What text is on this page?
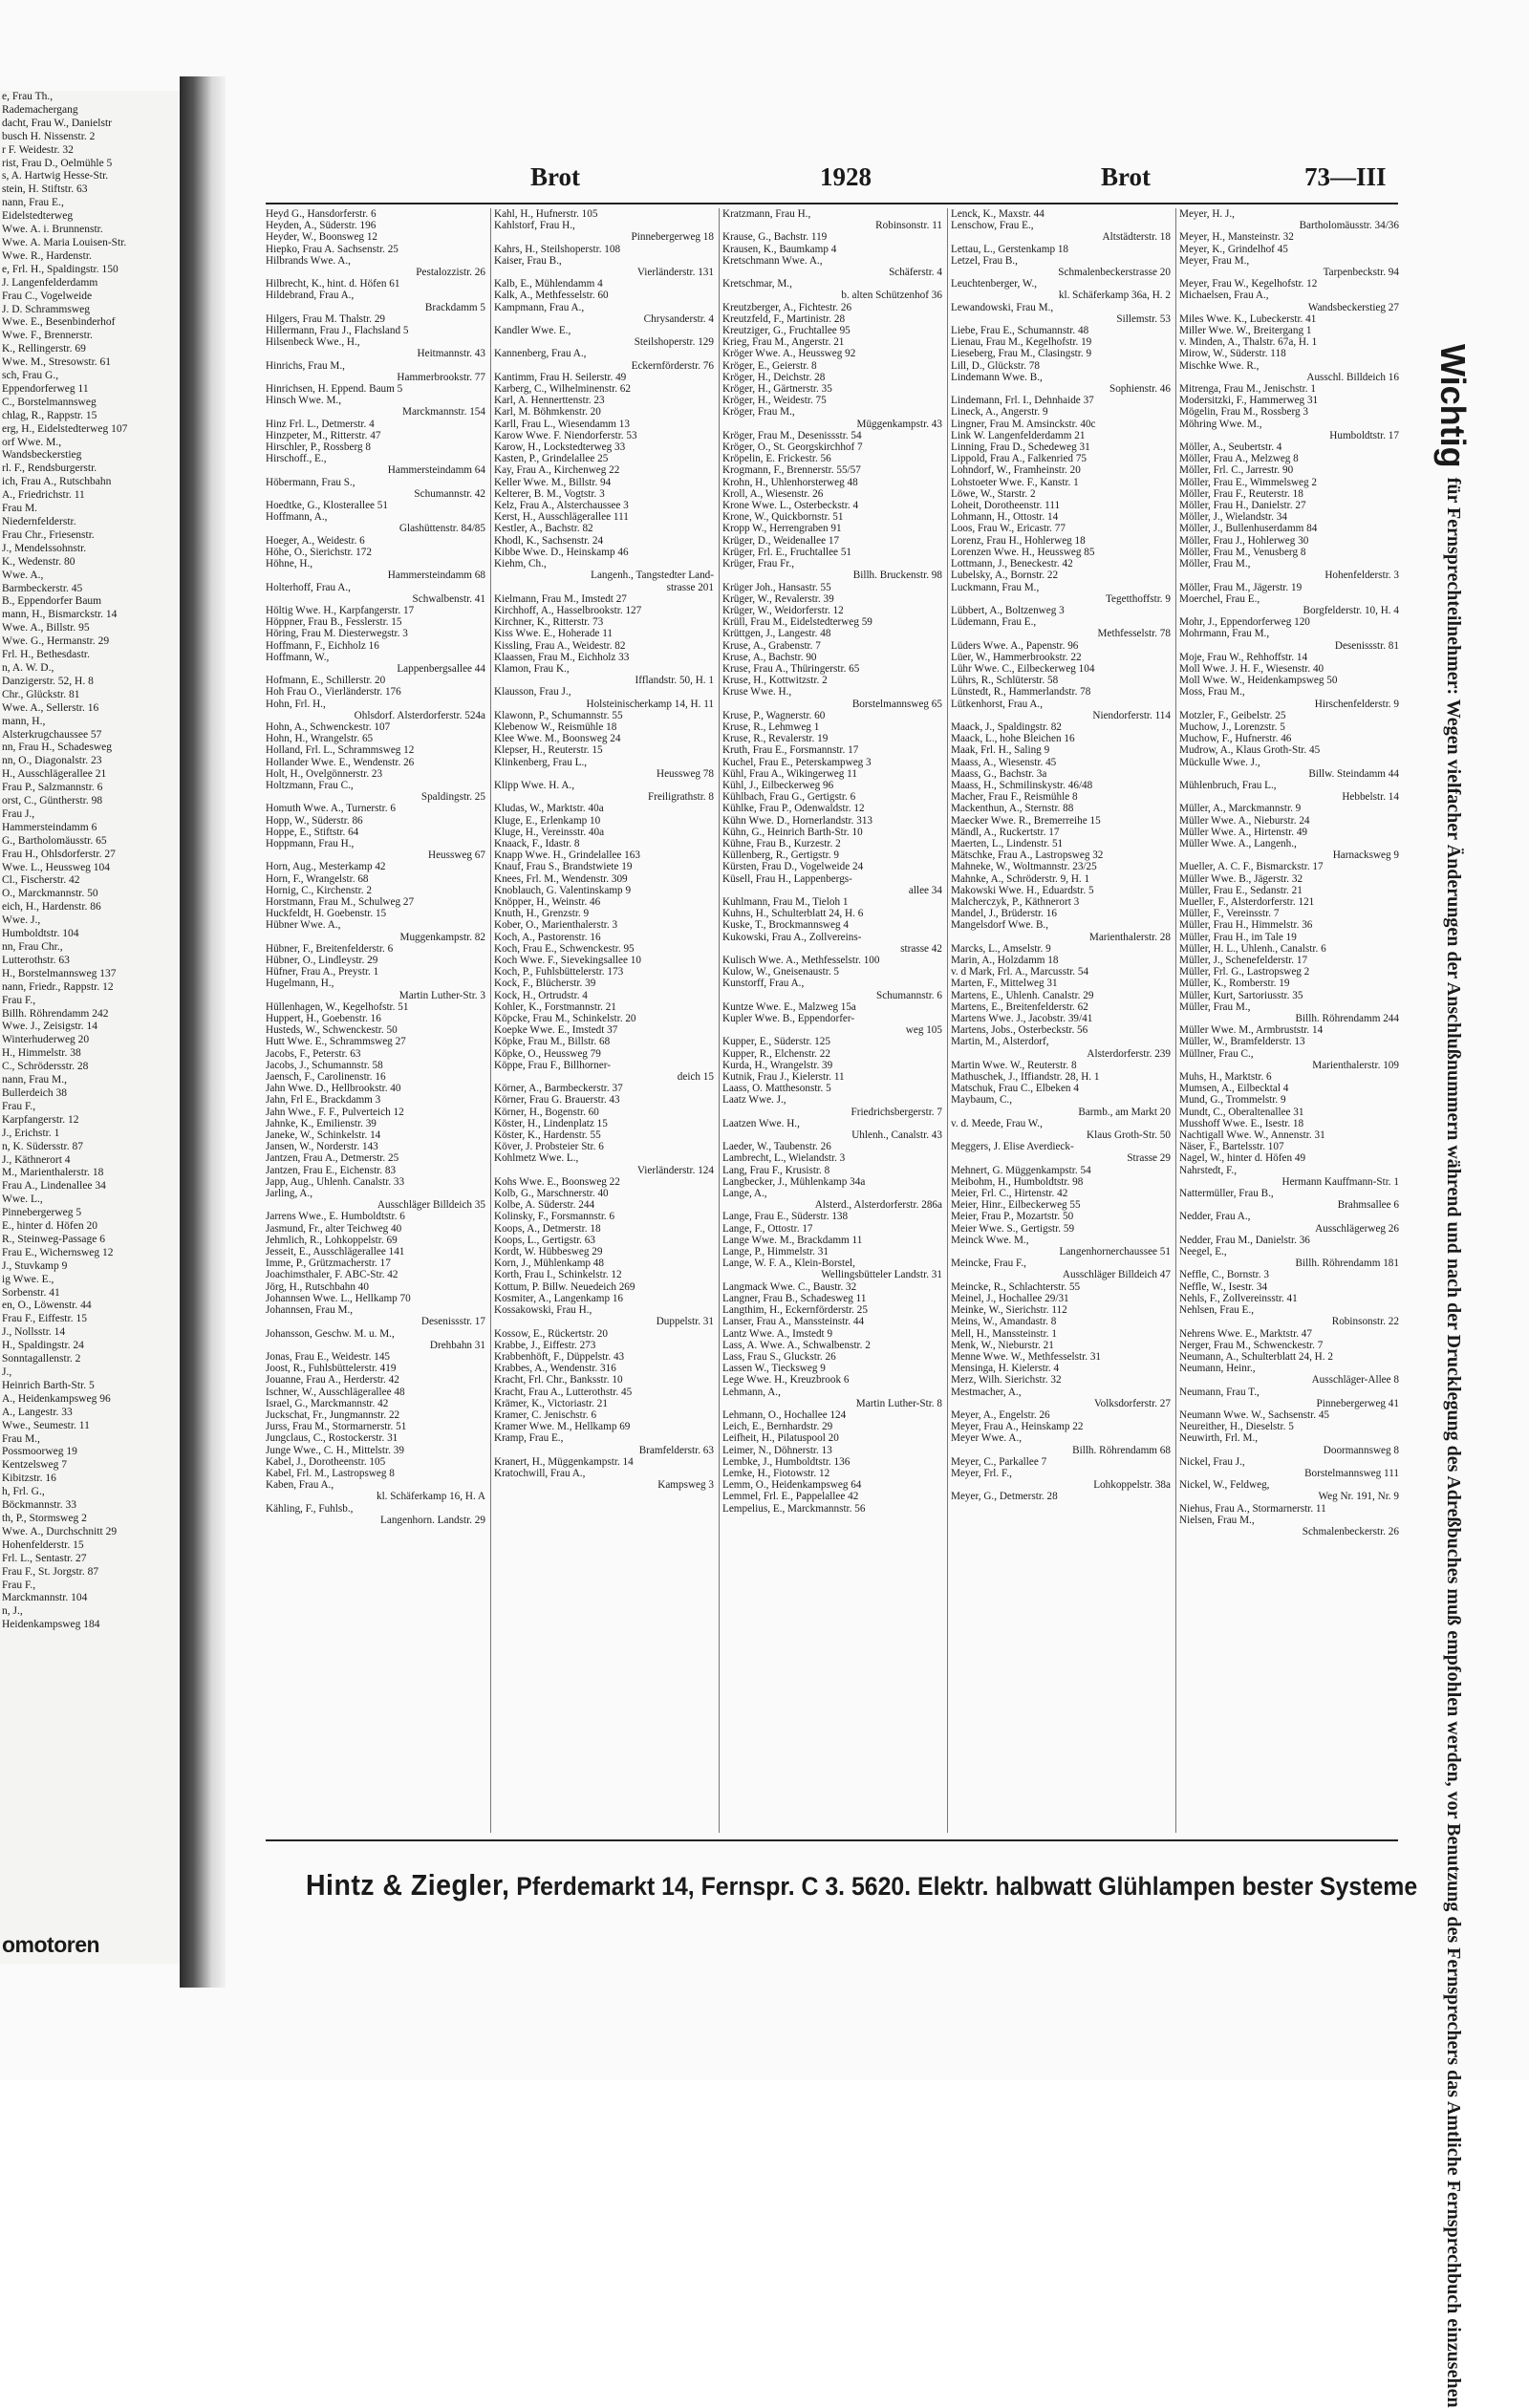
e, Frau Th.,
Rademachergang
dacht, Frau W., Danielstr
busch H. Nissenstr. 2
r F. Weidestr. 32
rist, Frau D., Oelmühle 5
s, A. Hartwig Hesse-Str.
stein, H. Stiftstr. 63
nann, Frau E.,
Eidelstedterweg
Wwe. A. i. Brunnenstr.
Wwe. A. Maria Louisen-Str.
Wwe. R., Hardenstr.
e, Frl. H., Spaldingstr. 150
J. Langenfelderdamm
Frau C., Vogelweide
J. D. Schrammsweg
Wwe. E., Besenbinderhof
Wwe. F., Brennerstr.
K., Rellingerstr. 69
Wwe. M., Stresowstr. 61
sch, Frau G.,
Eppendorferweg 11
C., Borstelmannsweg
chlag, R., Rappstr. 15
erg, H., Eidelstedterweg 107
orf Wwe. M.,
Wandsbeckerstieg
rl. F., Rendsburgerstr.
ich, Frau A., Rutschbahn
A., Friedrichstr. 11
Frau M.
Niedernfelderstr.
Frau Chr., Friesenstr.
J., Mendelssohnstr.
K., Wedenstr. 80
Wwe. A.,
Barmbeckerstr. 45
B., Eppendorfer Baum
mann, H., Bismarckstr. 14
Wwe. A., Billstr. 95
Wwe. G., Hermanstr. 29
Frl. H., Bethesdastr.
n, A. W. D.,
Danzigerstr. 52, H. 8
Chr., Glückstr. 81
Wwe. A., Sellerstr. 16
mann, H.,
Alsterkrugchaussee 57
nn, Frau H., Schadesweg
nn, O., Diagonalstr. 23
H., Ausschlägerallee 21
Frau P., Salzmannstr. 6
orst, C., Güntherstr. 98
Frau J.,
Hammersteindamm 6
G., Bartholomäusstr. 65
Frau H., Ohlsdorferstr. 27
Wwe. L., Heussweg 104
Cl., Fischerstr. 42
O., Marckmannstr. 50
eich, H., Hardenstr. 86
Wwe. J.,
Humboldtstr. 104
nn, Frau Chr.,
Lutterothstr. 63
H., Borstelmannsweg 137
nann, Friedr., Rappstr. 12
Frau F.,
Billh. Röhrendamm 242
Wwe. J., Zeisigstr. 14
Winterhuderweg 20
H., Himmelstr. 38
C., Schrödersstr. 28
nann, Frau M.,
Bullerdeich 38
Frau F.,
Karpfangerstr. 12
J., Erichstr. 1
n, K. Südersstr. 87
J., Käthnerort 4
M., Marienthalerstr. 18
Frau A., Lindenallee 34
Wwe. L.,
Pinnebergerweg 5
E., hinter d. Höfen 20
R., Steinweg-Passage 6
Frau E., Wichernsweg 12
J., Stuvkamp 9
ig Wwe. E.,
Sorbenstr. 41
en, O., Löwenstr. 44
Frau F., Eiffestr. 15
J., Nollsstr. 14
H., Spaldingstr. 24
Sonntagallenstr. 2
J.,
Heinrich Barth-Str. 5
A., Heidenkampsweg 96
A., Langestr. 33
Wwe., Seumestr. 11
Frau M.,
Possmoorweg 19
Kentzelsweg 7
Kibitzstr. 16
h, Frl. G.,
Böckmannstr. 33
th, P., Stormsweg 2
Wwe. A., Durchschnitt 29
Hohenfelderstr. 15
Frl. L., Sentastr. 27
Frau F., St. Jorgstr. 87
Frau F.,
Marckmannstr. 104
n, J.,
Heidenkampsweg 184
omotoren
Brot	1928	Brot	73—III
Heyd G., Hansdorferstr. 6
Heyden, A., Süderstr. 196
Heyder, W., Boonsweg 12
Hiepko, Frau A. Sachsenstr. 25
Hilbrands Wwe. A.,
Pestalozzistr. 26
Hilbrecht, K., hint. d. Höfen 61
Hildebrand, Frau A.,
Brackdamm 5
Hilgers, Frau M. Thalstr. 29
Hillermann, Frau J., Flachsland 5
Hilsenbeck Wwe., H.,
Heitmannstr. 43
Hinrichs, Frau M.,
Hammerbrookstr. 77
Hinrichsen, H. Eppend. Baum 5
Hinsch Wwe. M.,
Marckmannstr. 154
Hinz Frl. L., Detmerstr. 4
Hinzpeter, M., Ritterstr. 47
Hirschler, P., Rossberg 8
Hirschoff., E.,
Hammersteindamm 64
Höbermann, Frau S.,
Schumannstr. 42
Hoedtke, G., Klosterallee 51
Hoffmann, A.,
Glashüttenstr. 84/85
Hoeger, A., Weidestr. 6
Höhe, O., Sierichstr. 172
Höhne, H.,
Hammersteindamm 68
Holterhoff, Frau A.,
Schwalbenstr. 41
Höltig Wwe. H., Karpfangerstr. 17
Höppner, Frau B., Fesslerstr. 15
Höring, Frau M. Diesterwegstr. 3
Hoffmann, F., Eichholz 16
Hoffmann, W.,
Lappenbergsallee 44
Hofmann, E., Schillerstr. 20
Hoh Frau O., Vierländerstr. 176
Hohn, Frl. H.,
Ohlsdorf. Alsterdorferstr. 524a
Hohn, A., Schwenckestr. 107
Hohn, H., Wrangelstr. 65
Holland, Frl. L., Schrammsweg 12
Hollander Wwe. E., Wendenstr. 26
Holt, H., Ovelgönnerstr. 23
Holtzmann, Frau C.,
Spaldingstr. 25
Homuth Wwe. A., Turnerstr. 6
Hopp, W., Süderstr. 86
Hoppe, E., Stiftstr. 64
Hoppmann, Frau H.,
Heussweg 67
Horn, Aug., Mesterkamp 42
Horn, F., Wrangelstr. 68
Hornig, C., Kirchenstr. 2
Horstmann, Frau M., Schulweg 27
Huckfeldt, H. Goebenstr. 15
Hübner Wwe. A.,
Muggenkampstr. 82
Hübner, F., Breitenfelderstr. 6
Hübner, O., Lindleystr. 29
Hüfner, Frau A., Preystr. 1
Hugelmann, H.,
Martin Luther-Str. 3
Hüllenhagen, W., Kegelhofstr. 51
Huppert, H., Goebenstr. 16
Husteds, W., Schwenckestr. 50
Hutt Wwe. E., Schrammsweg 27
Jacobs, F., Peterstr. 63
Jacobs, J., Schumannstr. 58
Jaensch, F., Carolinenstr. 16
Jahn Wwe. D., Hellbrookstr. 40
Jahn, Frl E., Brackdamm 3
Jahn Wwe., F. F., Pulverteich 12
Jahnke, K., Emilienstr. 39
Janeke, W., Schinkelstr. 14
Jansen, W., Norderstr. 143
Jantzen, Frau A., Detmerstr. 25
Jantzen, Frau E., Eichenstr. 83
Japp, Aug., Uhlenh. Canalstr. 33
Jarling, A.,
Ausschläger Billdeich 35
Jarrens Wwe., E. Humboldtstr. 6
Jasmund, Fr., alter Teichweg 40
Jehmlich, R., Lohkoppelstr. 69
Jesseit, E., Ausschlägerallee 141
Imme, P., Grützmacherstr. 17
Joachimsthaler, F. ABC-Str. 42
Jörg, H., Rutschbahn 40
Johannsen Wwe. L., Hellkamp 70
Johannsen, Frau M.,
Desenissstr. 17
Johansson, Geschw. M. u. M.,
Drehbahn 31
Jonas, Frau E., Weidestr. 145
Joost, R., Fuhlsbüttelerstr. 419
Jouanne, Frau A., Herderstr. 42
Ischner, W., Ausschlägerallee 48
Israel, G., Marckmannstr. 42
Juckschat, Fr., Jungmannstr. 22
Jurss, Frau M., Stormarnerstr. 51
Jungclaus, C., Rostockerstr. 31
Junge Wwe., C. H., Mittelstr. 39
Kabel, J., Dorotheenstr. 105
Kabel, Frl. M., Lastropsweg 8
Kaben, Frau A.,
kl. Schäferkamp 16, H. A
Kähling, F., Fuhlsb.,
Langenhorn. Landstr. 29
Kahl, H., Hufnerstr. 105
Kahlstorf, Frau H.,
Pinnebergerweg 18
Kahrs, H., Steilshoperstr. 108
Kaiser, Frau B.,
Vierländerstr. 131
Kalb, E., Mühlendamm 4
Kalk, A., Methfesselstr. 60
Kampmann, Frau A.,
Chrysanderstr. 4
Kandler Wwe. E.,
Steilshoperstr. 129
Kannenberg, Frau A.,
Eckernförderstr. 76
Kantimm, Frau H. Seilerstr. 49
Karberg, C., Wilhelminenstr. 62
Karl, A. Hennerttenstr. 23
Karl, M. Böhmkenstr. 20
Karll, Frau L., Wiesendamm 13
Karow Wwe. F. Niendorferstr. 53
Karow, H., Lockstedterweg 33
Kasten, P., Grindelallee 25
Kay, Frau A., Kirchenweg 22
Keller Wwe. M., Billstr. 94
Kelterer, B. M., Vogtstr. 3
Kelz, Frau A., Alsterchaussee 3
Kerst, H., Ausschlägerallee 111
Kestler, A., Bachstr. 82
Khodl, K., Sachsenstr. 24
Kibbe Wwe. D., Heinskamp 46
Kiehm, Ch.,
Langenh., Tangstedter Land-
strasse 201
Kielmann, Frau M., Imstedt 27
Kirchhoff, A., Hasselbrookstr. 127
Kirchner, K., Ritterstr. 73
Kiss Wwe. E., Hoherade 11
Kissling, Frau A., Weidestr. 82
Klaassen, Frau M., Eichholz 33
Klamon, Frau K.,
Ifflandstr. 50, H. 1
Klausson, Frau J.,
Holsteinischerkamp 14, H. 11
Klawonn, P., Schumannstr. 55
Klebenow W., Reismühle 18
Klee Wwe. M., Boonsweg 24
Klepser, H., Reuterstr. 15
Klinkenberg, Frau L.,
Heussweg 78
Klipp Wwe. H. A.,
Freiligrathstr. 8
Kludas, W., Marktstr. 40a
Kluge, E., Erlenkamp 10
Kluge, H., Vereinsstr. 40a
Knaack, F., Idastr. 8
Knapp Wwe. H., Grindelallee 163
Knauf, Frau S., Brandstwiete 19
Knees, Frl. M., Wendenstr. 309
Knoblauch, G. Valentinskamp 9
Knöpper, H., Weinstr. 46
Knuth, H., Grenzstr. 9
Kober, O., Marienthalerstr. 3
Koch, A., Pastorenstr. 16
Koch, Frau E., Schwenckestr. 95
Koch Wwe. F., Sievekingsallee 10
Koch, P., Fuhlsbüttelerstr. 173
Kock, F., Blücherstr. 39
Kock, H., Ortrudstr. 4
Kohler, K., Forstmannstr. 21
Köpcke, Frau M., Schinkelstr. 20
Koepke Wwe. E., Imstedt 37
Köpke, Frau M., Billstr. 68
Köpke, O., Heussweg 79
Köppe, Frau F., Billhorner-
deich 15
Körner, A., Barmbeckerstr. 37
Körner, Frau G. Brauerstr. 43
Körner, H., Bogenstr. 60
Köster, H., Lindenplatz 15
Köster, K., Hardenstr. 55
Köver, J. Probsteier Str. 6
Kohlmetz Wwe. L.,
Vierländerstr. 124
Kohs Wwe. E., Boonsweg 22
Kolb, G., Marschnerstr. 40
Kolbe, A. Süderstr. 244
Kolinsky, F., Forsmannstr. 6
Koops, A., Detmerstr. 18
Koops, L., Gertigstr. 63
Kordt, W. Hübbesweg 29
Korn, J., Mühlenkamp 48
Korth, Frau I., Schinkelstr. 12
Kottum, P. Billw. Neuedeich 269
Kosmiter, A., Langenkamp 16
Kossakowski, Frau H.,
Duppelstr. 31
Kossow, E., Rückertstr. 20
Krabbe, J., Eiffestr. 273
Krabbenhöft, F., Düppelstr. 43
Krabbes, A., Wendenstr. 316
Kracht, Frl. Chr., Banksstr. 10
Kracht, Frau A., Lutterothstr. 45
Krämer, K., Victoriastr. 21
Kramer, C. Jenischstr. 6
Kramer Wwe. M., Hellkamp 69
Kramp, Frau E.,
Bramfelderstr. 63
Kranert, H., Müggenkampstr. 14
Kratochwill, Frau A.,
Kampsweg 3
Kratzmann, Frau H.,
Robinsonstr. 11
Krause, G., Bachstr. 119
Krausen, K., Baumkamp 4
Kretschmann Wwe. A.,
Schäferstr. 4
Kretschmar, M.,
b. alten Schützenhof 36
Kreutzberger, A., Fichtestr. 26
Kreutzfeld, F., Martinistr. 28
Kreutziger, G., Fruchtallee 95
Krieg, Frau M., Angerstr. 21
Kröger Wwe. A., Heussweg 92
Kröger, E., Geierstr. 8
Kröger, H., Deichstr. 28
Kröger, H., Gärtnerstr. 35
Kröger, H., Weidestr. 75
Kröger, Frau M.,
Müggenkampstr. 43
Kröger, Frau M., Desenissstr. 54
Kröger, O., St. Georgskirchhof 7
Kröpelin, E. Frickestr. 56
Krogmann, F., Brennerstr. 55/57
Krohn, H., Uhlenhorsterweg 48
Kroll, A., Wiesenstr. 26
Krone Wwe. L., Osterbeckstr. 4
Krone, W., Quickbornstr. 51
Kropp W., Herrengraben 91
Krüger, D., Weidenallee 17
Krüger, Frl. E., Fruchtallee 51
Krüger, Frau Fr.,
Billh. Bruckenstr. 98
Krüger Joh., Hansastr. 55
Krüger, W., Revalerstr. 39
Krüger, W., Weidorferstr. 12
Krüll, Frau M., Eidelstedterweg 59
Krüttgen, J., Langestr. 48
Kruse, A., Grabenstr. 7
Kruse, A., Bachstr. 90
Kruse, Frau A., Thüringerstr. 65
Kruse, H., Kottwitzstr. 2
Kruse Wwe. H.,
Borstelmannsweg 65
Kruse, P., Wagnerstr. 60
Kruse, R., Lehmweg 1
Kruse, R., Revalerstr. 19
Kruth, Frau E., Forsmannstr. 17
Kuchel, Frau E., Peterskampweg 3
Kühl, Frau A., Wikingerweg 11
Kühl, J., Eilbeckerweg 96
Kühlbach, Frau G., Gertigstr. 6
Kühlke, Frau P., Odenwaldstr. 12
Kühn Wwe. D., Hornerlandstr. 313
Kühn, G., Heinrich Barth-Str. 10
Kühne, Frau B., Kurzestr. 2
Küllenberg, R., Gertigstr. 9
Kürsten, Frau D., Vogelweide 24
Küsell, Frau H., Lappenbergs-
allee 34
Kuhlmann, Frau M., Tieloh 1
Kuhns, H., Schulterblatt 24, H. 6
Kuske, T., Brockmannsweg 4
Kukowski, Frau A., Zollvereins-
strasse 42
Kulisch Wwe. A., Methfesselstr. 100
Kulow, W., Gneisenaustr. 5
Kunstorff, Frau A.,
Schumannstr. 6
Kuntze Wwe. E., Malzweg 15a
Kupler Wwe. B., Eppendorfer-
weg 105
Kupper, E., Süderstr. 125
Kupper, R., Elchenstr. 22
Kurda, H., Wrangelstr. 39
Kutnik, Frau J., Kielerstr. 11
Laass, O. Matthesonstr. 5
Laatz Wwe. J.,
Friedrichsbergerstr. 7
Laatzen Wwe. H.,
Uhlenh., Canalstr. 43
Laeder, W., Taubenstr. 26
Lambrecht, L., Wielandstr. 3
Lang, Frau F., Krusistr. 8
Langbecker, J., Mühlenkamp 34a
Lange, A.,
Alsterd., Alsterdorferstr. 286a
Lange, Frau E., Süderstr. 138
Lange, F., Ottostr. 17
Lange Wwe. M., Brackdamm 11
Lange, P., Himmelstr. 31
Lange, W. F. A., Klein-Borstel,
Wellingsbütteler Landstr. 31
Langmack Wwe. C., Baustr. 32
Langner, Frau B., Schadesweg 11
Langthim, H., Eckernförderstr. 25
Lanser, Frau A., Manssteinstr. 44
Lantz Wwe. A., Imstedt 9
Lass, A. Wwe. A., Schwalbenstr. 2
Lass, Frau S., Gluckstr. 26
Lassen W., Tiecksweg 9
Lege Wwe. H., Kreuzbrook 6
Lehmann, A.,
Martin Luther-Str. 8
Lehmann, O., Hochallee 124
Leich, E., Bernhardstr. 29
Leifheit, H., Pilatuspool 20
Leimer, N., Döhnerstr. 13
Lembke, J., Humboldtstr. 136
Lemke, H., Fiotowstr. 12
Lemm, O., Heidenkampsweg 64
Lemmel, Frl. E., Pappelallee 42
Lempelius, E., Marckmannstr. 56
Lenck, K., Maxstr. 44
Lenschow, Frau E.,
Altstädterstr. 18
Lettau, L., Gerstenkamp 18
Letzel, Frau B.,
Schmalenbeckerstrasse 20
Leuchtenberger, W.,
kl. Schäferkamp 36a, H. 2
Lewandowski, Frau M.,
Sillemstr. 53
Liebe, Frau E., Schumannstr. 48
Lienau, Frau M., Kegelhofstr. 19
Lieseberg, Frau M., Clasingstr. 9
Lill, D., Glückstr. 78
Lindemann Wwe. B.,
Sophienstr. 46
Lindemann, Frl. I., Dehnhaide 37
Lineck, A., Angerstr. 9
Lingner, Frau M. Amsinckstr. 40c
Link W. Langenfelderdamm 21
Linning, Frau D., Schedeweg 31
Lippold, Frau A., Falkenried 75
Lohndorf, W., Framheinstr. 20
Lohstoeter Wwe. F., Kanstr. 1
Löwe, W., Starstr. 2
Loheit, Dorotheenstr. 111
Lohmann, H., Ottostr. 14
Loos, Frau W., Ericastr. 77
Lorenz, Frau H., Hohlerweg 18
Lorenzen Wwe. H., Heussweg 85
Lottmann, J., Beneckestr. 42
Lubelsky, A., Bornstr. 22
Luckmann, Frau M.,
Tegetthoffstr. 9
Lübbert, A., Boltzenweg 3
Lüdemann, Frau E.,
Methfesselstr. 78
Lüders Wwe. A., Papenstr. 96
Lüer, W., Hammerbrookstr. 22
Lühr Wwe. C., Eilbeckerweg 104
Lührs, R., Schlüterstr. 58
Lünstedt, R., Hammerlandstr. 78
Lütkenhorst, Frau A.,
Niendorferstr. 114
Maack, J., Spaldingstr. 82
Maack, L., hohe Bleichen 16
Maak, Frl. H., Saling 9
Maass, A., Wiesenstr. 45
Maass, G., Bachstr. 3a
Maass, H., Schmilinskystr. 46/48
Macher, Frau F., Reismühle 8
Mackenthun, A., Sternstr. 88
Maecker Wwe. R., Bremerreihe 15
Mändl, A., Ruckertstr. 17
Maerten, L., Lindenstr. 51
Mätschke, Frau A., Lastropsweg 32
Mahneke, W., Woltmannstr. 23/25
Mahnke, A., Schröderstr. 9, H. 1
Makowski Wwe. H., Eduardstr. 5
Malcherczyk, P., Käthnerort 3
Mandel, J., Brüderstr. 16
Mangelsdorf Wwe. B.,
Marienthalerstr. 28
Marcks, L., Amselstr. 9
Marin, A., Holzdamm 18
v. d Mark, Frl. A., Marcusstr. 54
Marten, F., Mittelweg 31
Martens, E., Uhlenh. Canalstr. 29
Martens, E., Breitenfelderstr. 62
Martens Wwe. J., Jacobstr. 39/41
Martens, Jobs., Osterbeckstr. 56
Martin, M., Alsterdorf,
Alsterdorferstr. 239
Martin Wwe. W., Reuterstr. 8
Mathuschek, J., Iffiandstr. 28, H. 1
Matschuk, Frau C., Elbeken 4
Maybaum, C.,
Barmb., am Markt 20
v. d. Meede, Frau W.,
Klaus Groth-Str. 50
Meggers, J. Elise Averdieck-
Strasse 29
Mehnert, G. Müggenkampstr. 54
Meibohm, H., Humboldtstr. 98
Meier, Frl. C., Hirtenstr. 42
Meier, Hinr., Eilbeckerweg 55
Meier, Frau P., Mozartstr. 50
Meier Wwe. S., Gertigstr. 59
Meinck Wwe. M.,
Langenhornerchaussee 51
Meincke, Frau F.,
Ausschläger Billdeich 47
Meincke, R., Schlachterstr. 55
Meinel, J., Hochallee 29/31
Meinke, W., Sierichstr. 112
Meins, W., Amandastr. 8
Mell, H., Manssteinstr. 1
Menk, W., Nieburstr. 21
Menne Wwe. W., Methfesselstr. 31
Mensinga, H. Kielerstr. 4
Merz, Wilh. Sierichstr. 32
Mestmacher, A.,
Volksdorferstr. 27
Meyer, A., Engelstr. 26
Meyer, Frau A., Heinskamp 22
Meyer Wwe. A.,
Billh. Röhrendamm 68
Meyer, C., Parkallee 7
Meyer, Frl. F.,
Lohkoppelstr. 38a
Meyer, G., Detmerstr. 28
Meyer, H. J.,
Bartholomäusstr. 34/36
Meyer, H., Mansteinstr. 32
Meyer, K., Grindelhof 45
Meyer, Frau M.,
Tarpenbeckstr. 94
Meyer, Frau W., Kegelhofstr. 12
Michaelsen, Frau A.,
Wandsbeckerstieg 27
Miles Wwe. K., Lubeckerstr. 41
Miller Wwe. W., Breitergang 1
v. Minden, A., Thalstr. 67a, H. 1
Mirow, W., Süderstr. 118
Mischke Wwe. R.,
Ausschl. Billdeich 16
Mitrenga, Frau M., Jenischstr. 1
Modersitzki, F., Hammerweg 31
Mögelin, Frau M., Rossberg 3
Möhring Wwe. M.,
Humboldtstr. 17
Möller, A., Seubertstr. 4
Möller, Frau A., Melzweg 8
Möller, Frl. C., Jarrestr. 90
Möller, Frau E., Wimmelsweg 2
Möller, Frau F., Reuterstr. 18
Möller, Frau H., Danielstr. 27
Möller, J., Wielandstr. 34
Möller, J., Bullenhuserdamm 84
Möller, Frau J., Hohlerweg 30
Möller, Frau M., Venusberg 8
Möller, Frau M.,
Hohenfelderstr. 3
Möller, Frau M., Jägerstr. 19
Moerchel, Frau E.,
Borgfelderstr. 10, H. 4
Mohr, J., Eppendorferweg 120
Mohrmann, Frau M.,
Desenissstr. 81
Moje, Frau W., Rehhoffstr. 14
Moll Wwe. J. H. F., Wiesenstr. 40
Moll Wwe. W., Heidenkampsweg 50
Moss, Frau M.,
Hirschenfelderstr. 9
Motzler, F., Geibelstr. 25
Muchow, J., Lorenzstr. 5
Muchow, F., Hufnerstr. 46
Mudrow, A., Klaus Groth-Str. 45
Mückulle Wwe. J.,
Billw. Steindamm 44
Mühlenbruch, Frau L.,
Hebbelstr. 14
Müller, A., Marckmannstr. 9
Müller Wwe. A., Nieburstr. 24
Müller Wwe. A., Hirtenstr. 49
Müller Wwe. A., Langenh.,
Harnacksweg 9
Mueller, A. C. F., Bismarckstr. 17
Müller Wwe. B., Jägerstr. 32
Müller, Frau E., Sedanstr. 21
Mueller, F., Alsterdorferstr. 121
Müller, F., Vereinsstr. 7
Müller, Frau H., Himmelstr. 36
Müller, Frau H., im Tale 19
Müller, H. L., Uhlenh., Canalstr. 6
Müller, J., Schenefelderstr. 17
Müller, Frl. G., Lastropsweg 2
Müller, K., Romberstr. 19
Müller, Kurt, Sartoriusstr. 35
Müller, Frau M.,
Billh. Röhrendamm 244
Müller Wwe. M., Armbruststr. 14
Müller, W., Bramfelderstr. 13
Müllner, Frau C.,
Marienthalerstr. 109
Muhs, H., Marktstr. 6
Mumsen, A., Eilbecktal 4
Mund, G., Trommelstr. 9
Mundt, C., Oberaltenallee 31
Musshoff Wwe. E., Isestr. 18
Nachtigall Wwe. W., Annenstr. 31
Näser, F., Bartelsstr. 107
Nagel, W., hinter d. Höfen 49
Nahrstedt, F.,
Hermann Kauffmann-Str. 1
Nattermüller, Frau B.,
Brahmsallee 6
Nedder, Frau A.,
Ausschlägerweg 26
Nedder, Frau M., Danielstr. 36
Neegel, E.,
Billh. Röhrendamm 181
Neffle, C., Bornstr. 3
Neffle, W., Isestr. 34
Nehls, F., Zollvereinsstr. 41
Nehlsen, Frau E.,
Robinsonstr. 22
Nehrens Wwe. E., Marktstr. 47
Nerger, Frau M., Schwenckestr. 7
Neumann, A., Schulterblatt 24, H. 2
Neumann, Heinr.,
Ausschläger-Allee 8
Neumann, Frau T.,
Pinnebergerweg 41
Neumann Wwe. W., Sachsenstr. 45
Neureither, H., Dieselstr. 5
Neuwirth, Frl. M.,
Doormannsweg 8
Nickel, Frau J.,
Borstelmannsweg 111
Nickel, W., Feldweg,
Weg Nr. 191, Nr. 9
Niehus, Frau A., Stormarnerstr. 11
Nielsen, Frau M.,
Schmalenbeckerstr. 26
Wichtigfür Fernsprechteilnehmer: Wegen vielfacher Änderungen der Anschlußnummern während und nach der Drucklegung des Adreßbuches muß empfohlen werden, vor Benutzung des Fernsprechers das Amtliche Fernsprechbuch einzusehen
Hintz & Ziegler, Pferdemarkt 14, Fernspr. C 3. 5620. Elektr. halbwatt Glühlampen bester Systeme
